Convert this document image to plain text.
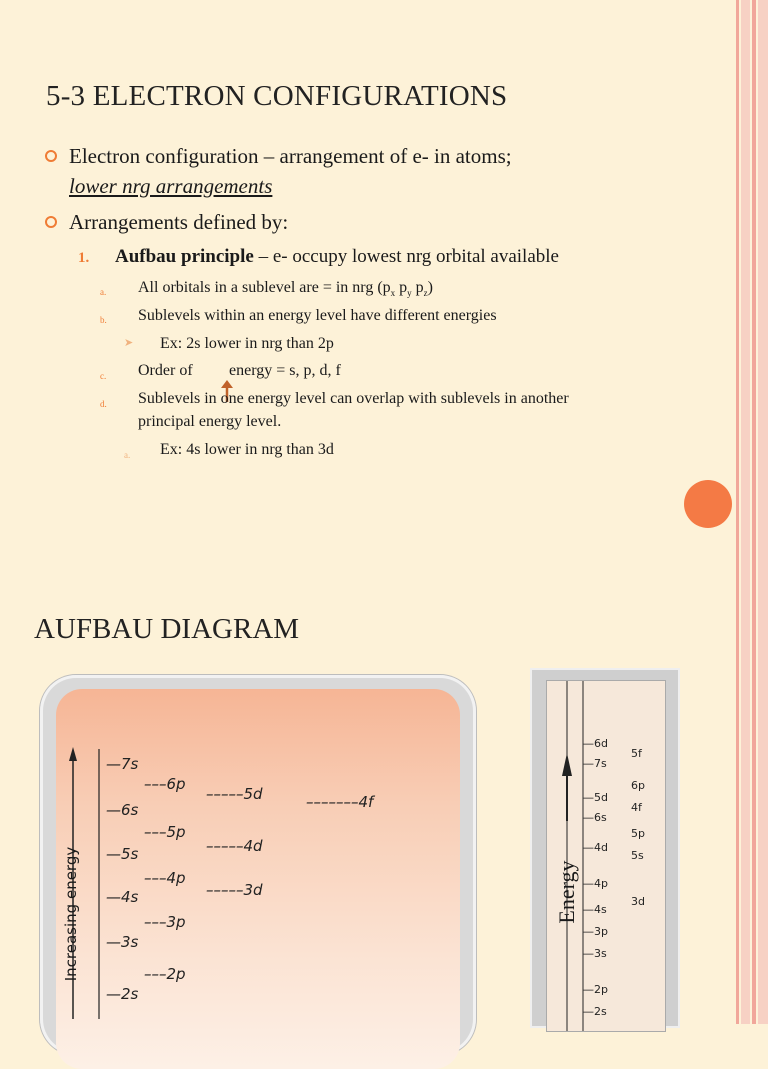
5-3 ELECTRON CONFIGURATIONS
Electron configuration – arrangement of e- in atoms;
lower nrg arrangements
Arrangements defined by:
1. Aufbau principle – e- occupy lowest nrg orbital available
a. All orbitals in a sublevel are = in nrg ($p_x$ $p_y$ $p_z$)
b. Sublevels within an energy level have different energies
➤ Ex: 2s lower in nrg than 2p
c. Order of energy = s, p, d, f
d. Sublevels in one energy level can overlap with sublevels in another
principal energy level.
a. Ex: 4s lower in nrg than 3d
AUFBAU DIAGRAM
Increasing energy
—7s
–––6p
–––––5d	–––––––4f
—6s
–––5p
—5s	–––––4d
–––4p
—4s	–––––3d
—3s
–––3p
–––2p
—2s
Energy
—6d
—7s
—5d
—6s
—4d
—4p
—4s
—3p
—3s
—2p
—2s
5f
6p
4f
5p
5s
3d
